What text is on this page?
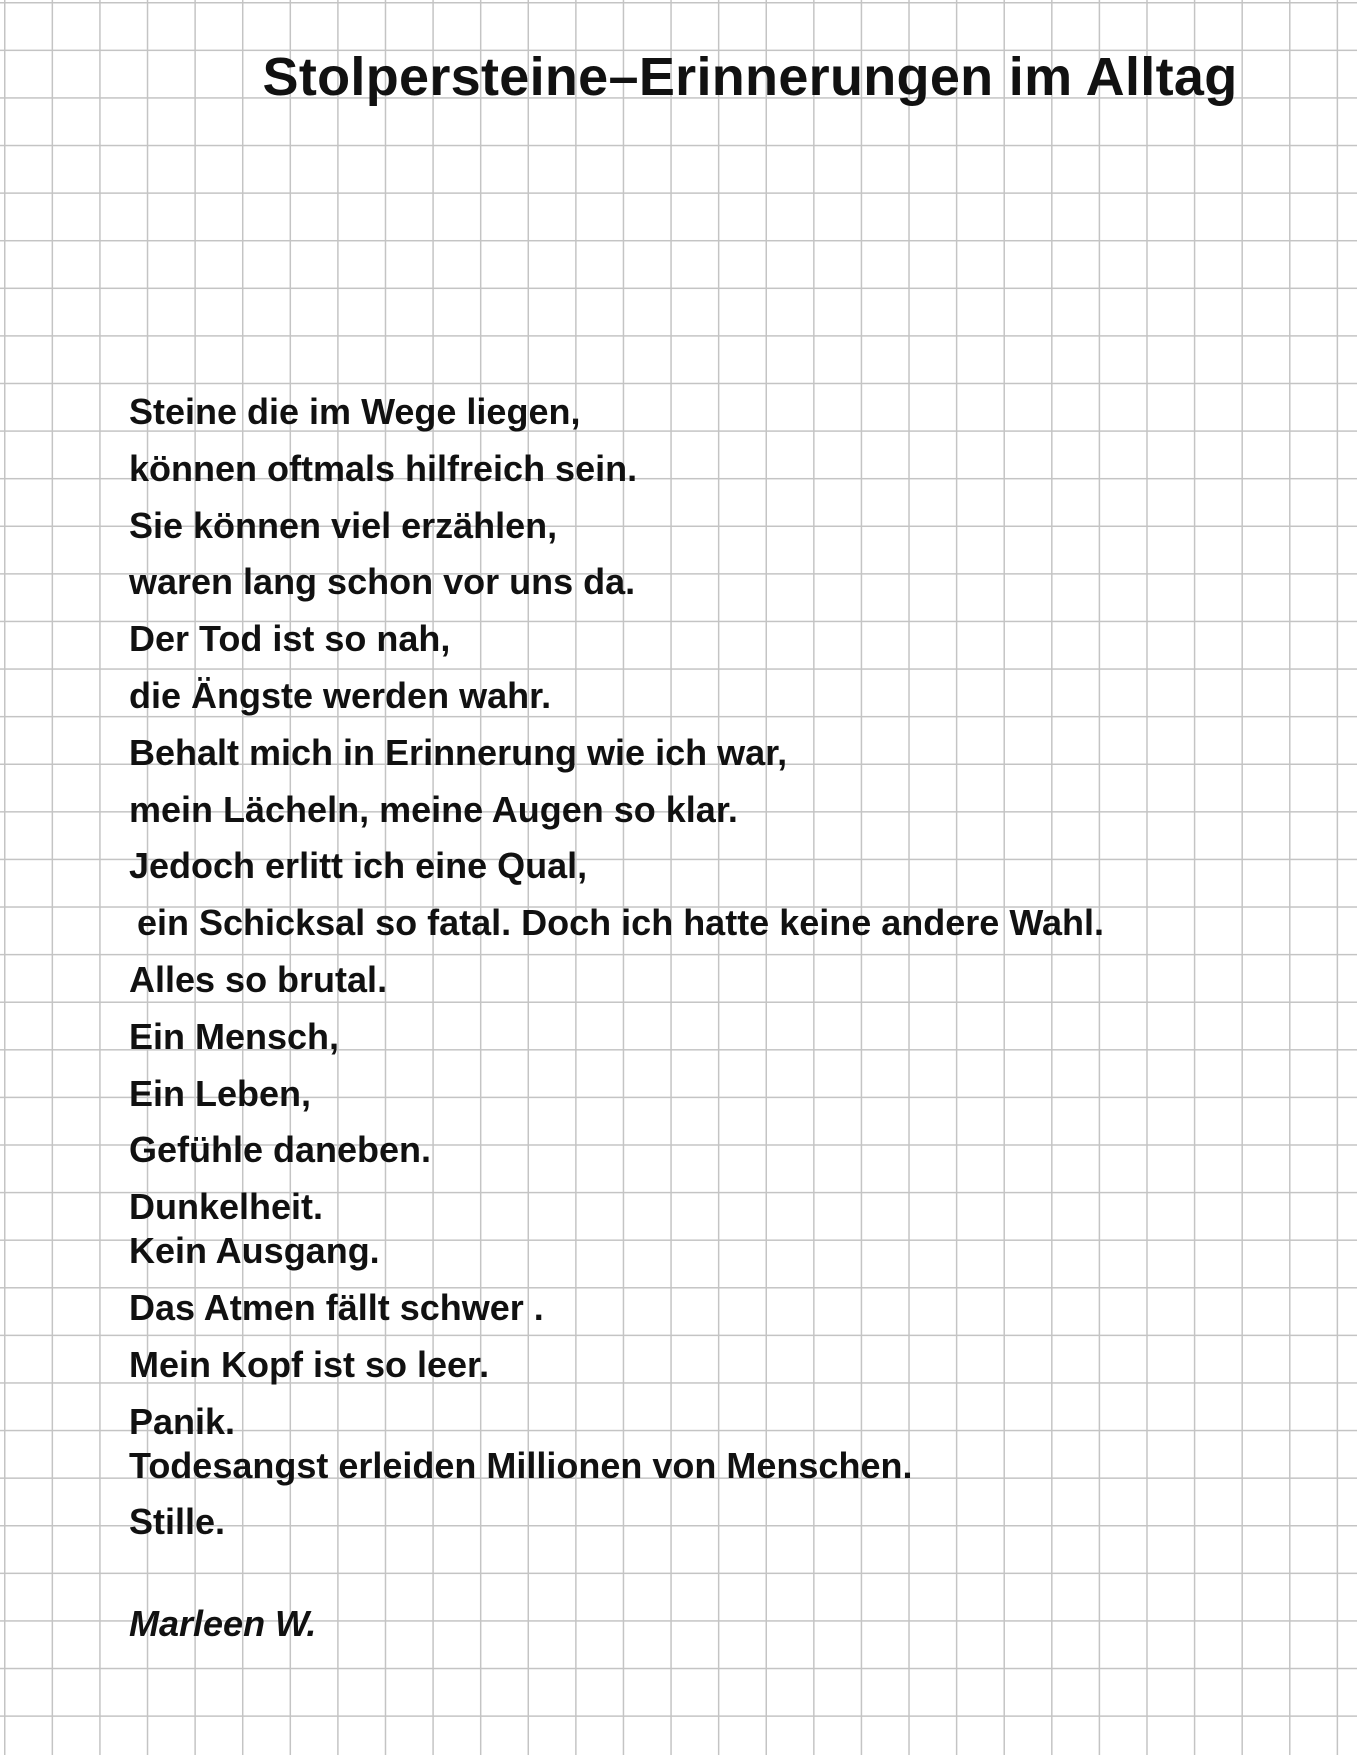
Stolpersteine–Erinnerungen im Alltag
Steine die im Wege liegen,
können oftmals hilfreich sein.
Sie können viel erzählen,
waren lang schon vor uns da.
Der Tod ist so nah,
die Ängste werden wahr.
Behalt mich in Erinnerung wie ich war,
mein Lächeln, meine Augen so klar.
Jedoch erlitt ich eine Qual,
ein Schicksal so fatal. Doch ich hatte keine andere Wahl.
Alles so brutal.
Ein Mensch,
Ein Leben,
Gefühle daneben.
Dunkelheit.
Kein Ausgang.
Das Atmen fällt schwer .
Mein Kopf ist so leer.
Panik.
Todesangst erleiden Millionen von Menschen.
Stille.

Marleen W.
